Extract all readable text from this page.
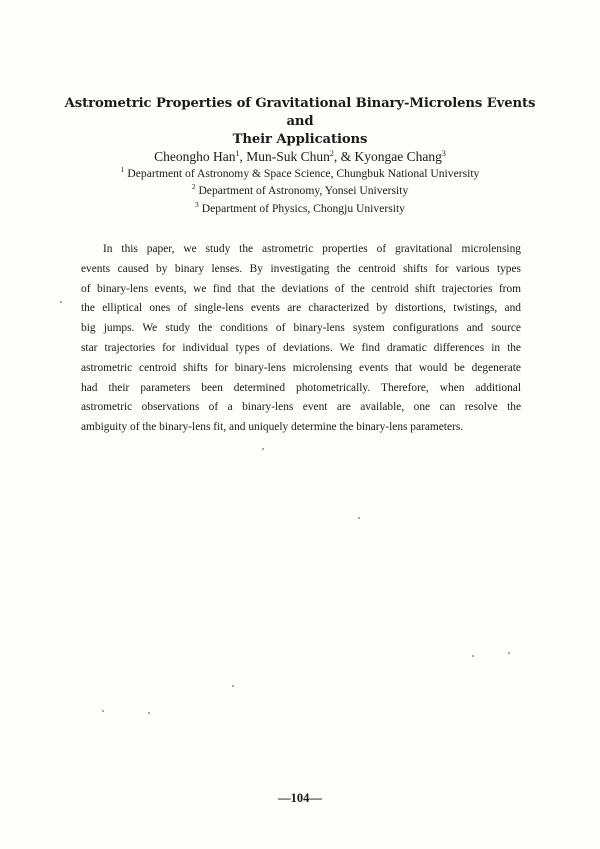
Astrometric Properties of Gravitational Binary-Microlens Events and
Their Applications
Cheongho Han$^1$, Mun-Suk Chun$^2$, & Kyongae Chang$^3$
$^1$ Department of Astronomy & Space Science, Chungbuk National University
$^2$ Department of Astronomy, Yonsei University
$^3$ Department of Physics, Chongju University
In this paper, we study the astrometric properties of gravitational microlensing
events caused by binary lenses. By investigating the centroid shifts for various types
of binary-lens events, we find that the deviations of the centroid shift trajectories from
the elliptical ones of single-lens events are characterized by distortions, twistings, and
big jumps. We study the conditions of binary-lens system configurations and source
star trajectories for individual types of deviations. We find dramatic differences in the
astrometric centroid shifts for binary-lens microlensing events that would be degenerate
had their parameters been determined photometrically. Therefore, when additional
astrometric observations of a binary-lens event are available, one can resolve the
ambiguity of the binary-lens fit, and uniquely determine the binary-lens parameters.
—104—
